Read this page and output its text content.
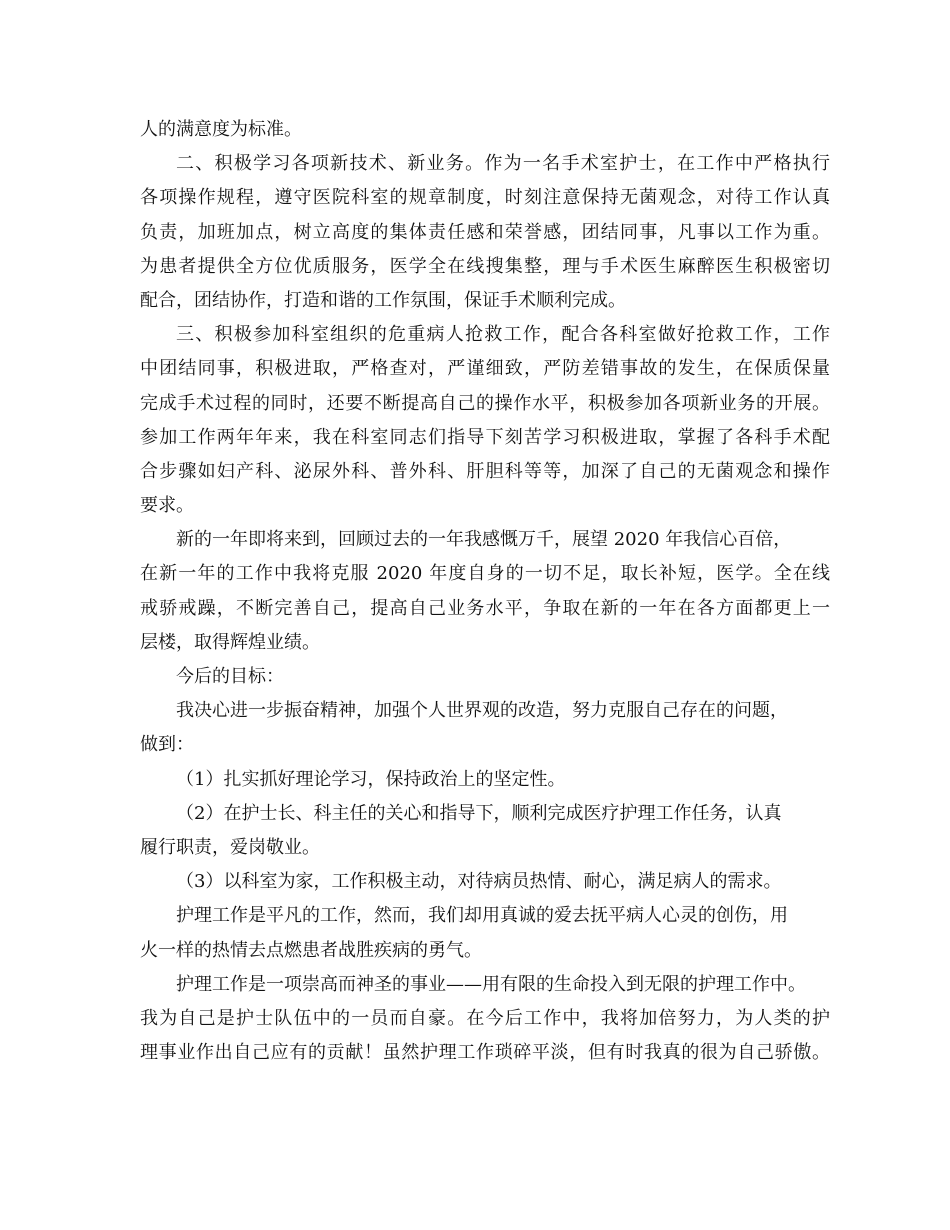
人的满意度为标准。
二、积极学习各项新技术、新业务。作为一名手术室护士，在工作中严格执行
各项操作规程，遵守医院科室的规章制度，时刻注意保持无菌观念，对待工作认真
负责，加班加点，树立高度的集体责任感和荣誉感，团结同事，凡事以工作为重。
为患者提供全方位优质服务，医学全在线搜集整，理与手术医生麻醉医生积极密切
配合，团结协作，打造和谐的工作氛围，保证手术顺利完成。
三、积极参加科室组织的危重病人抢救工作，配合各科室做好抢救工作，工作
中团结同事，积极进取，严格查对，严谨细致，严防差错事故的发生，在保质保量
完成手术过程的同时，还要不断提高自己的操作水平，积极参加各项新业务的开展。
参加工作两年年来，我在科室同志们指导下刻苦学习积极进取，掌握了各科手术配
合步骤如妇产科、泌尿外科、普外科、肝胆科等等，加深了自己的无菌观念和操作
要求。
新的一年即将来到，回顾过去的一年我感慨万千，展望 2020 年我信心百倍，
在新一年的工作中我将克服 2020 年度自身的一切不足，取长补短，医学。全在线
戒骄戒躁，不断完善自己，提高自己业务水平，争取在新的一年在各方面都更上一
层楼，取得辉煌业绩。
今后的目标：
我决心进一步振奋精神，加强个人世界观的改造，努力克服自己存在的问题，
做到：
（1）扎实抓好理论学习，保持政治上的坚定性。
（2）在护士长、科主任的关心和指导下，顺利完成医疗护理工作任务，认真
履行职责，爱岗敬业。
（3）以科室为家，工作积极主动，对待病员热情、耐心，满足病人的需求。
护理工作是平凡的工作，然而，我们却用真诚的爱去抚平病人心灵的创伤，用
火一样的热情去点燃患者战胜疾病的勇气。
护理工作是一项崇高而神圣的事业——用有限的生命投入到无限的护理工作中。
我为自己是护士队伍中的一员而自豪。在今后工作中，我将加倍努力，为人类的护
理事业作出自己应有的贡献！虽然护理工作琐碎平淡，但有时我真的很为自己骄傲。
